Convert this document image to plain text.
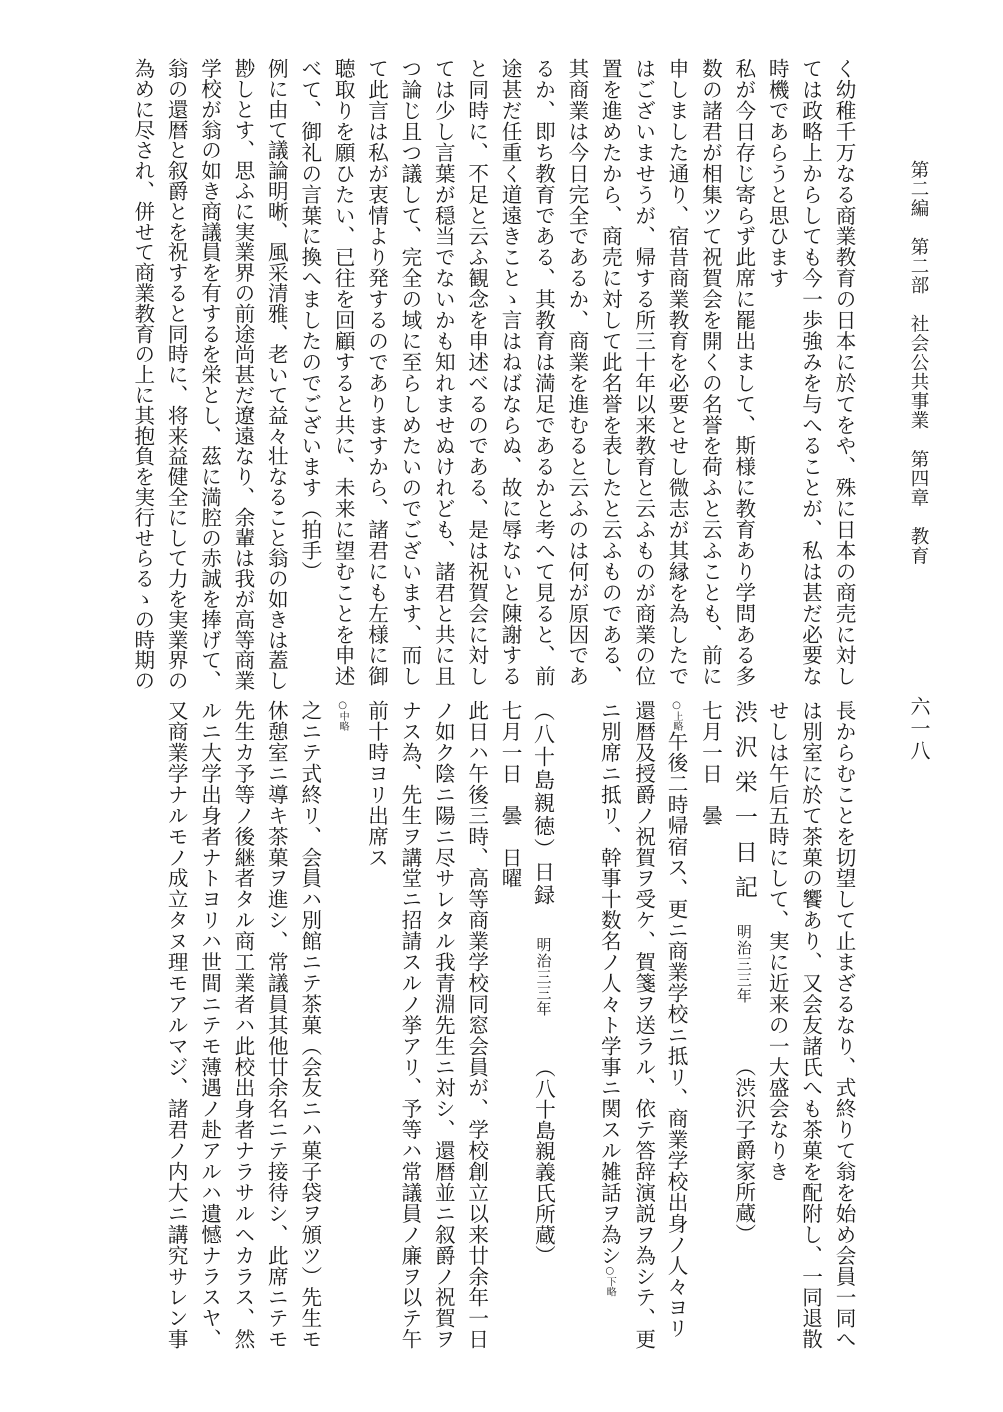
第二編　第二部　社会公共事業　第四章　教育
六一八
く幼稚千万なる商業教育の日本に於てをや、殊に日本の商売に対し
ては政略上からしても今一歩強みを与へることが、私は甚だ必要な
時機であらうと思ひます
私が今日存じ寄らず此席に罷出まして、斯様に教育あり学問ある多
数の諸君が相集ツて祝賀会を開くの名誉を荷ふと云ふことも、前に
申しました通り、宿昔商業教育を必要とせし微志が其縁を為したで
はございませうが、帰する所三十年以来教育と云ふものが商業の位
置を進めたから、商売に対して此名誉を表したと云ふものである、
其商業は今日完全であるか、商業を進むると云ふのは何が原因であ
るか、即ち教育である、其教育は満足であるかと考へて見ると、前
途甚だ任重く道遠きことゝ言はねばならぬ、故に辱ないと陳謝する
と同時に、不足と云ふ観念を申述べるのである、是は祝賀会に対し
ては少し言葉が穏当でないかも知れませぬけれども、諸君と共に且
つ論じ且つ議して、完全の域に至らしめたいのでございます、而し
て此言は私が衷情より発するのでありますから、諸君にも左様に御
聴取りを願ひたい、已往を回顧すると共に、未来に望むことを申述
べて、御礼の言葉に換へましたのでございます（拍手）
例に由て議論明晰、風采清雅、老いて益々壮なること翁の如きは蓋し
尠しとす、思ふに実業界の前途尚甚だ遼遠なり、余輩は我が高等商業
学校が翁の如き商議員を有するを栄とし、茲に満腔の赤誠を捧げて、
翁の還暦と叙爵とを祝すると同時に、将来益健全にして力を実業界の
為めに尽され、併せて商業教育の上に其抱負を実行せらるゝの時期の
長からむことを切望して止まざるなり、式終りて翁を始め会員一同へ
は別室に於て茶菓の饗あり、又会友諸氏へも茶菓を配附し、一同退散
せしは午后五時にして、実に近来の一大盛会なりき
渋沢栄一日記明治三三年（渋沢子爵家所蔵）
七月一日　曇
○上略午後二時帰宿ス、更ニ商業学校ニ抵リ、商業学校出身ノ人々ヨリ
還暦及授爵ノ祝賀ヲ受ケ、賀箋ヲ送ラル、依テ答辞演説ヲ為シテ、更
ニ別席ニ抵リ、幹事十数名ノ人々ト学事ニ関スル雑話ヲ為シ○下略
（八十島親徳）日録明治三三年（八十島親義氏所蔵）
七月一日　曇　日曜
此日ハ午後三時、高等商業学校同窓会員が、学校創立以来廿余年一日
ノ如ク陰ニ陽ニ尽サレタル我青淵先生ニ対シ、還暦並ニ叙爵ノ祝賀ヲ
ナス為、先生ヲ講堂ニ招請スルノ挙アリ、予等ハ常議員ノ廉ヲ以テ午
前十時ヨリ出席ス
○中略
之ニテ式終リ、会員ハ別館ニテ茶菓（会友ニハ菓子袋ヲ頒ツ）先生モ
休憩室ニ導キ茶菓ヲ進シ、常議員其他廿余名ニテ接待シ、此席ニテモ
先生カ予等ノ後継者タル商工業者ハ此校出身者ナラサルヘカラス、然
ルニ大学出身者ナトヨリハ世間ニテモ薄遇ノ赴アルハ遺憾ナラスヤ、
又商業学ナルモノ成立タヌ理モアルマジ、諸君ノ内大ニ講究サレン事
